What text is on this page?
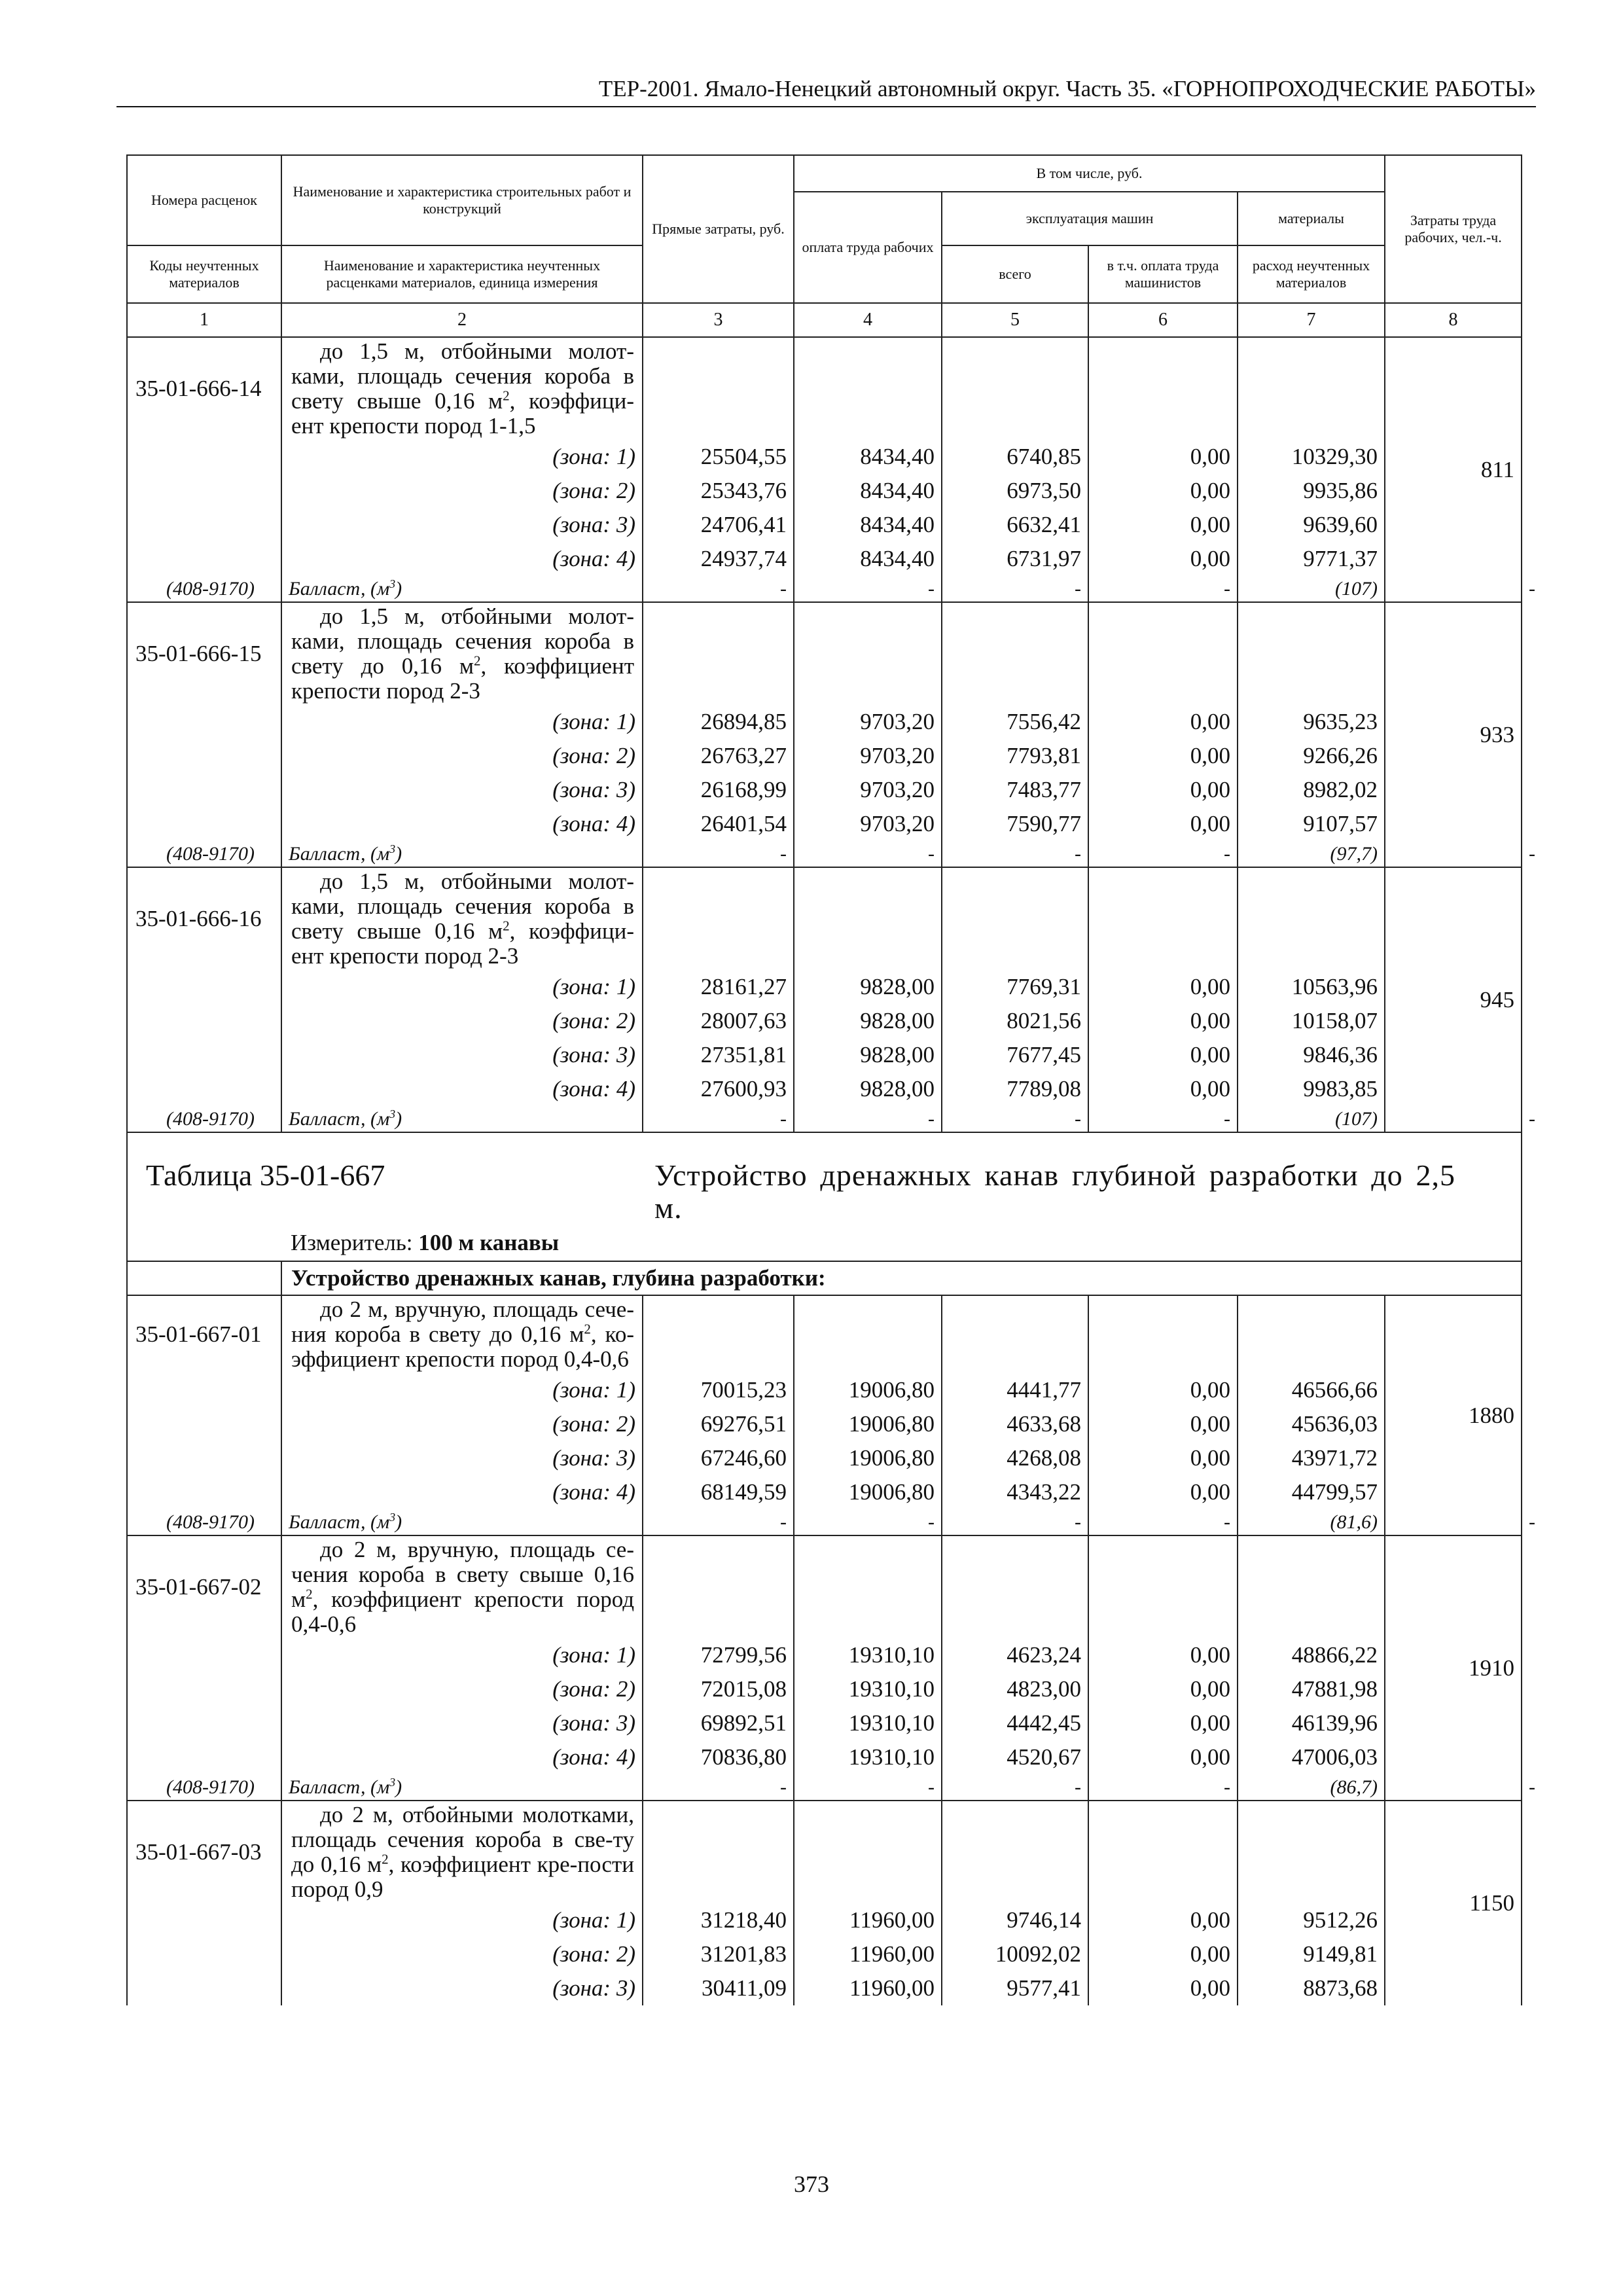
ТЕР-2001. Ямало-Ненецкий автономный округ. Часть 35. «ГОРНОПРОХОДЧЕСКИЕ РАБОТЫ»
Номера расценок	Наименование и характеристика строительных работ и конструкций	Прямые затраты, руб.	В том числе, руб.				Затраты труда рабочих, чел.-ч.	
			оплата труда рабочих	эксплуатация машин		материалы		
Коды неучтенных материалов	Наименование и характеристика неучтенных расценками материалов, единица измерения			всего	в т.ч. оплата труда машинистов	расход неучтенных материалов		
1	2	3	4	5	6	7	8	
35-01-666-14	до 1,5 м, отбойными молот-ками, площадь сечения короба в свету свыше 0,16 $м^2$, коэффици-ент крепости пород 1-1,5						811	
	(зона: 1)	25504,55	8434,40	6740,85	0,00	10329,30		
	(зона: 2)	25343,76	8434,40	6973,50	0,00	9935,86		
	(зона: 3)	24706,41	8434,40	6632,41	0,00	9639,60		
	(зона: 4)	24937,74	8434,40	6731,97	0,00	9771,37		
(408-9170)	Балласт, $(м^3)$	-	-	-	-	(107)		-
35-01-666-15	до 1,5 м, отбойными молот-ками, площадь сечения короба в свету до 0,16 $м^2$, коэффициент крепости пород 2-3						933	
	(зона: 1)	26894,85	9703,20	7556,42	0,00	9635,23		
	(зона: 2)	26763,27	9703,20	7793,81	0,00	9266,26		
	(зона: 3)	26168,99	9703,20	7483,77	0,00	8982,02		
	(зона: 4)	26401,54	9703,20	7590,77	0,00	9107,57		
(408-9170)	Балласт, $(м^3)$	-	-	-	-	(97,7)		-
35-01-666-16	до 1,5 м, отбойными молот-ками, площадь сечения короба в свету свыше 0,16 $м^2$, коэффици-ент крепости пород 2-3						945	
	(зона: 1)	28161,27	9828,00	7769,31	0,00	10563,96		
	(зона: 2)	28007,63	9828,00	8021,56	0,00	10158,07		
	(зона: 3)	27351,81	9828,00	7677,45	0,00	9846,36		
	(зона: 4)	27600,93	9828,00	7789,08	0,00	9983,85		
(408-9170)	Балласт, $(м^3)$	-	-	-	-	(107)		-
Таблица 35-01-667		Устройство дренажных канав глубиной разработки до 2,5 м.						
	Измеритель: 100 м канавы							
	Устройство дренажных канав, глубина разработки:							
35-01-667-01	до 2 м, вручную, площадь сече-ния короба в свету до 0,16 $м^2$, ко-эффициент крепости пород 0,4-0,6						1880	
	(зона: 1)	70015,23	19006,80	4441,77	0,00	46566,66		
	(зона: 2)	69276,51	19006,80	4633,68	0,00	45636,03		
	(зона: 3)	67246,60	19006,80	4268,08	0,00	43971,72		
	(зона: 4)	68149,59	19006,80	4343,22	0,00	44799,57		
(408-9170)	Балласт, $(м^3)$	-	-	-	-	(81,6)		-
35-01-667-02	до 2 м, вручную, площадь се-чения короба в свету свыше 0,16 $м^2$, коэффициент крепости пород 0,4-0,6						1910	
	(зона: 1)	72799,56	19310,10	4623,24	0,00	48866,22		
	(зона: 2)	72015,08	19310,10	4823,00	0,00	47881,98		
	(зона: 3)	69892,51	19310,10	4442,45	0,00	46139,96		
	(зона: 4)	70836,80	19310,10	4520,67	0,00	47006,03		
(408-9170)	Балласт, $(м^3)$	-	-	-	-	(86,7)		-
35-01-667-03	до 2 м, отбойными молотками, площадь сечения короба в све-ту до 0,16 $м^2$, коэффициент кре-пости пород 0,9						1150	
	(зона: 1)	31218,40	11960,00	9746,14	0,00	9512,26		
	(зона: 2)	31201,83	11960,00	10092,02	0,00	9149,81		
	(зона: 3)	30411,09	11960,00	9577,41	0,00	8873,68		
373
